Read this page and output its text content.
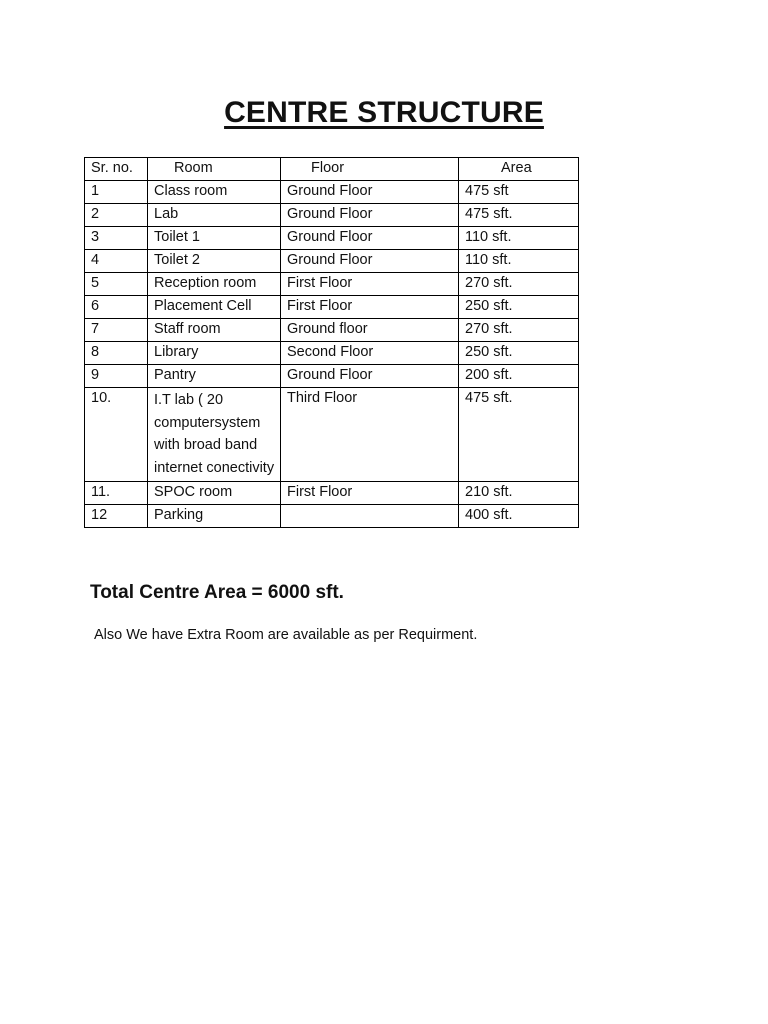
CENTRE STRUCTURE
Sr. no.	Room	Floor	Area
1	Class room	Ground Floor	475 sft
2	Lab	Ground Floor	475 sft.
3	Toilet 1	Ground Floor	110 sft.
4	Toilet 2	Ground Floor	110 sft.
5	Reception room	First Floor	270 sft.
6	Placement Cell	First Floor	250 sft.
7	Staff room	Ground floor	270 sft.
8	Library	Second Floor	250 sft.
9	Pantry	Ground Floor	200 sft.
10.	I.T lab ( 20 computersystem with broad band internet conectivity	Third Floor	475 sft.
11.	SPOC room	First Floor	210 sft.
12	Parking		400 sft.
Total Centre Area = 6000 sft.
Also We have Extra Room are available as per Requirment.
